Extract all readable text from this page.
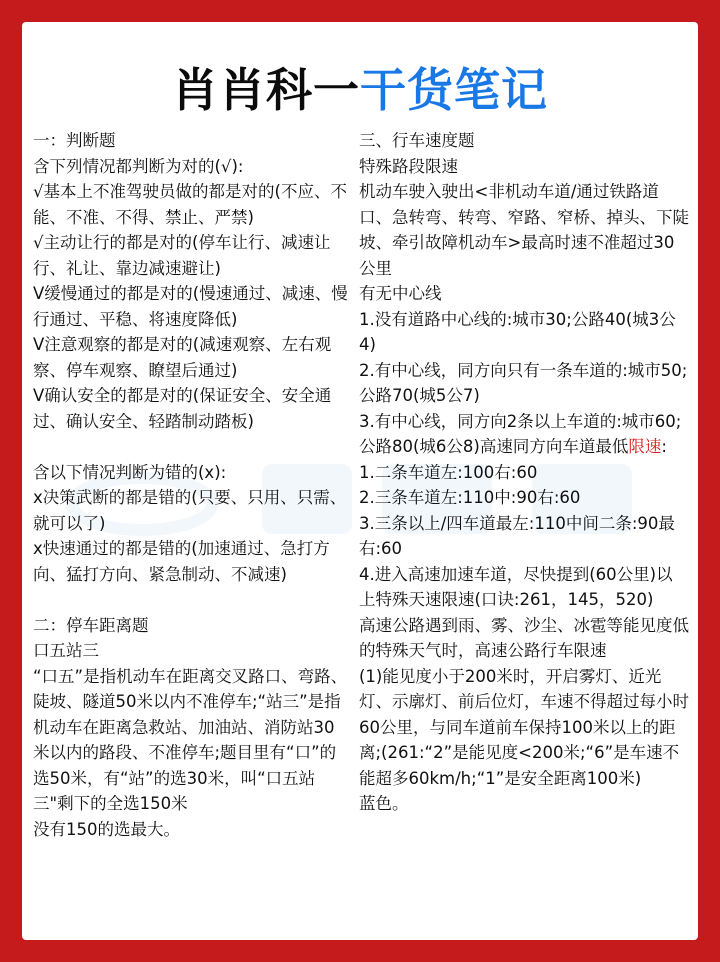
肖肖科一干货笔记

一：判断题

含下列情况都判断为对的(√):

√基本上不准驾驶员做的都是对的(不应、不能、不准、不得、禁止、严禁)

√主动让行的都是对的(停车让行、减速让行、礼让、靠边减速避让)

V缓慢通过的都是对的(慢速通过、减速、慢行通过、平稳、将速度降低)

V注意观察的都是对的(减速观察、左右观察、停车观察、瞭望后通过)

V确认安全的都是对的(保证安全、安全通过、确认安全、轻踏制动踏板)

含以下情况判断为错的(x):

x决策武断的都是错的(只要、只用、只需、就可以了)

x快速通过的都是错的(加速通过、急打方向、猛打方向、紧急制动、不减速)

二：停车距离题

口五站三

“口五”是指机动车在距离交叉路口、弯路、陡坡、隧道50米以内不准停车;“站三”是指机动车在距离急救站、加油站、消防站30米以内的路段、不准停车;题目里有“口”的选50米，有“站”的选30米，叫“口五站三"剩下的全选150米

没有150的选最大。

三、行车速度题

特殊路段限速

机动车驶入驶出<非机动车道/通过铁路道口、急转弯、转弯、窄路、窄桥、掉头、下陡坡、牵引故障机动车>最高时速不准超过30公里

有无中心线

1.没有道路中心线的:城市30;公路40(城3公4)

2.有中心线，同方向只有一条车道的:城市50;公路70(城5公7)

3.有中心线，同方向2条以上车道的:城市60;公路80(城6公8)高速同方向车道最低限速:

1.二条车道左:100右:60

2.三条车道左:110中:90右:60

3.三条以上/四车道最左:110中间二条:90最右:60

4.进入高速加速车道，尽快提到(60公里)以上特殊天速限速(口诀:261，145，520)

高速公路遇到雨、雾、沙尘、冰雹等能见度低的特殊天气时，高速公路行车限速

(1)能见度小于200米时，开启雾灯、近光灯、示廓灯、前后位灯，车速不得超过每小时60公里，与同车道前车保持100米以上的距离;(261:“2”是能见度<200米;“6”是车速不能超多60km/h;“1”是安全距离100米)

蓝色。
